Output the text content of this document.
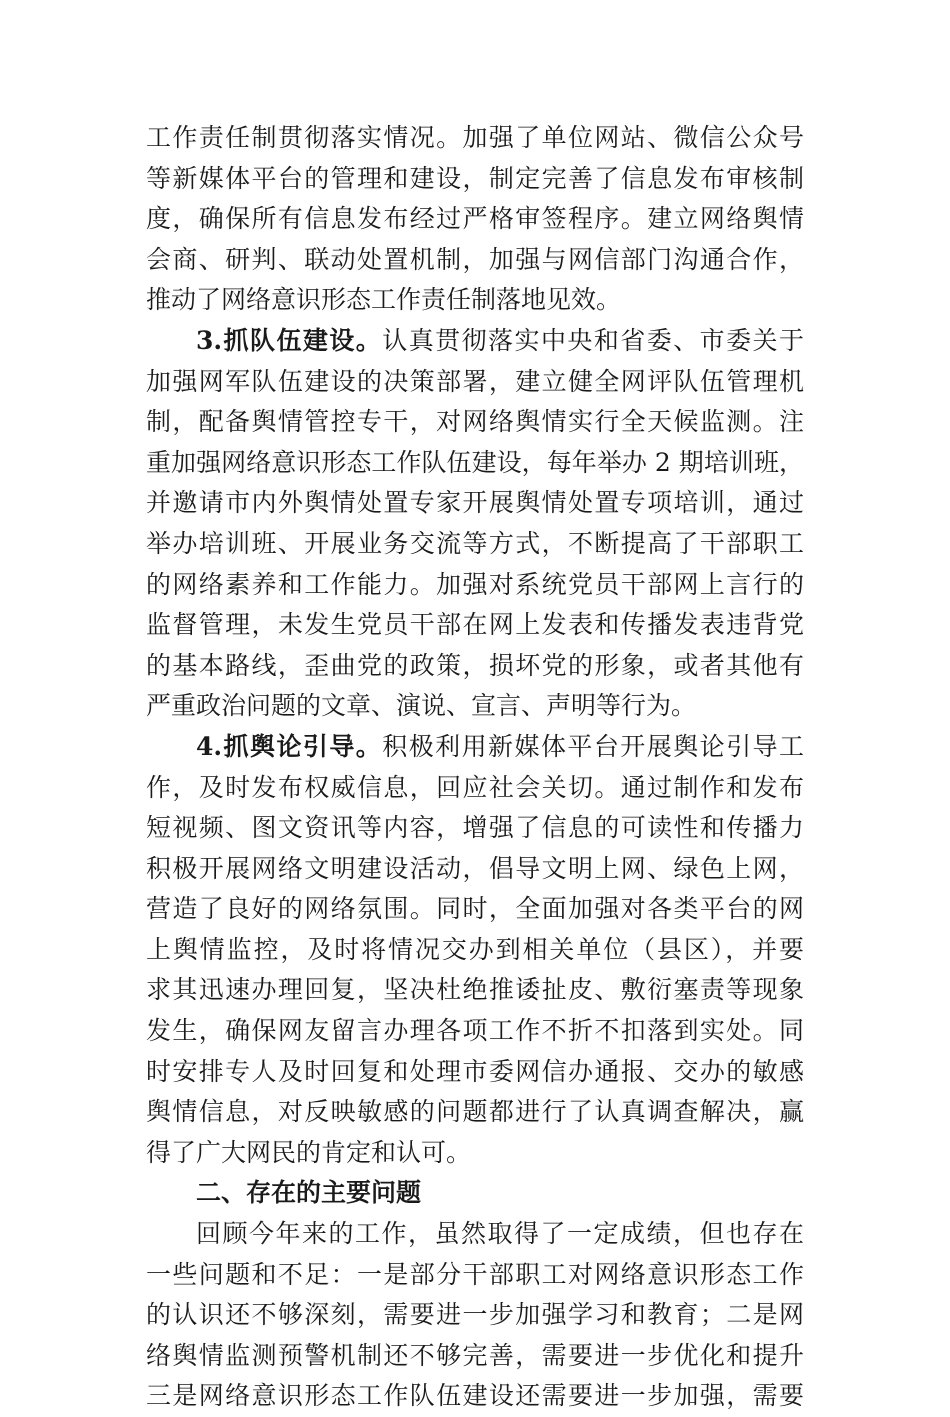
工作责任制贯彻落实情况。加强了单位网站、微信公众号
等新媒体平台的管理和建设，制定完善了信息发布审核制
度，确保所有信息发布经过严格审签程序。建立网络舆情
会商、研判、联动处置机制，加强与网信部门沟通合作，
推动了网络意识形态工作责任制落地见效。
3.抓队伍建设。认真贯彻落实中央和省委、市委关于
加强网军队伍建设的决策部署，建立健全网评队伍管理机
制，配备舆情管控专干，对网络舆情实行全天候监测。注
重加强网络意识形态工作队伍建设，每年举办 2 期培训班，
并邀请市内外舆情处置专家开展舆情处置专项培训，通过
举办培训班、开展业务交流等方式，不断提高了干部职工
的网络素养和工作能力。加强对系统党员干部网上言行的
监督管理，未发生党员干部在网上发表和传播发表违背党
的基本路线，歪曲党的政策，损坏党的形象，或者其他有
严重政治问题的文章、演说、宣言、声明等行为。
4.抓舆论引导。积极利用新媒体平台开展舆论引导工
作，及时发布权威信息，回应社会关切。通过制作和发布
短视频、图文资讯等内容，增强了信息的可读性和传播力
积极开展网络文明建设活动，倡导文明上网、绿色上网，
营造了良好的网络氛围。同时，全面加强对各类平台的网
上舆情监控，及时将情况交办到相关单位（县区），并要
求其迅速办理回复，坚决杜绝推诿扯皮、敷衍塞责等现象
发生，确保网友留言办理各项工作不折不扣落到实处。同
时安排专人及时回复和处理市委网信办通报、交办的敏感
舆情信息，对反映敏感的问题都进行了认真调查解决，赢
得了广大网民的肯定和认可。
二、存在的主要问题
回顾今年来的工作，虽然取得了一定成绩，但也存在
一些问题和不足：一是部分干部职工对网络意识形态工作
的认识还不够深刻，需要进一步加强学习和教育；二是网
络舆情监测预警机制还不够完善，需要进一步优化和提升
三是网络意识形态工作队伍建设还需要进一步加强，需要
